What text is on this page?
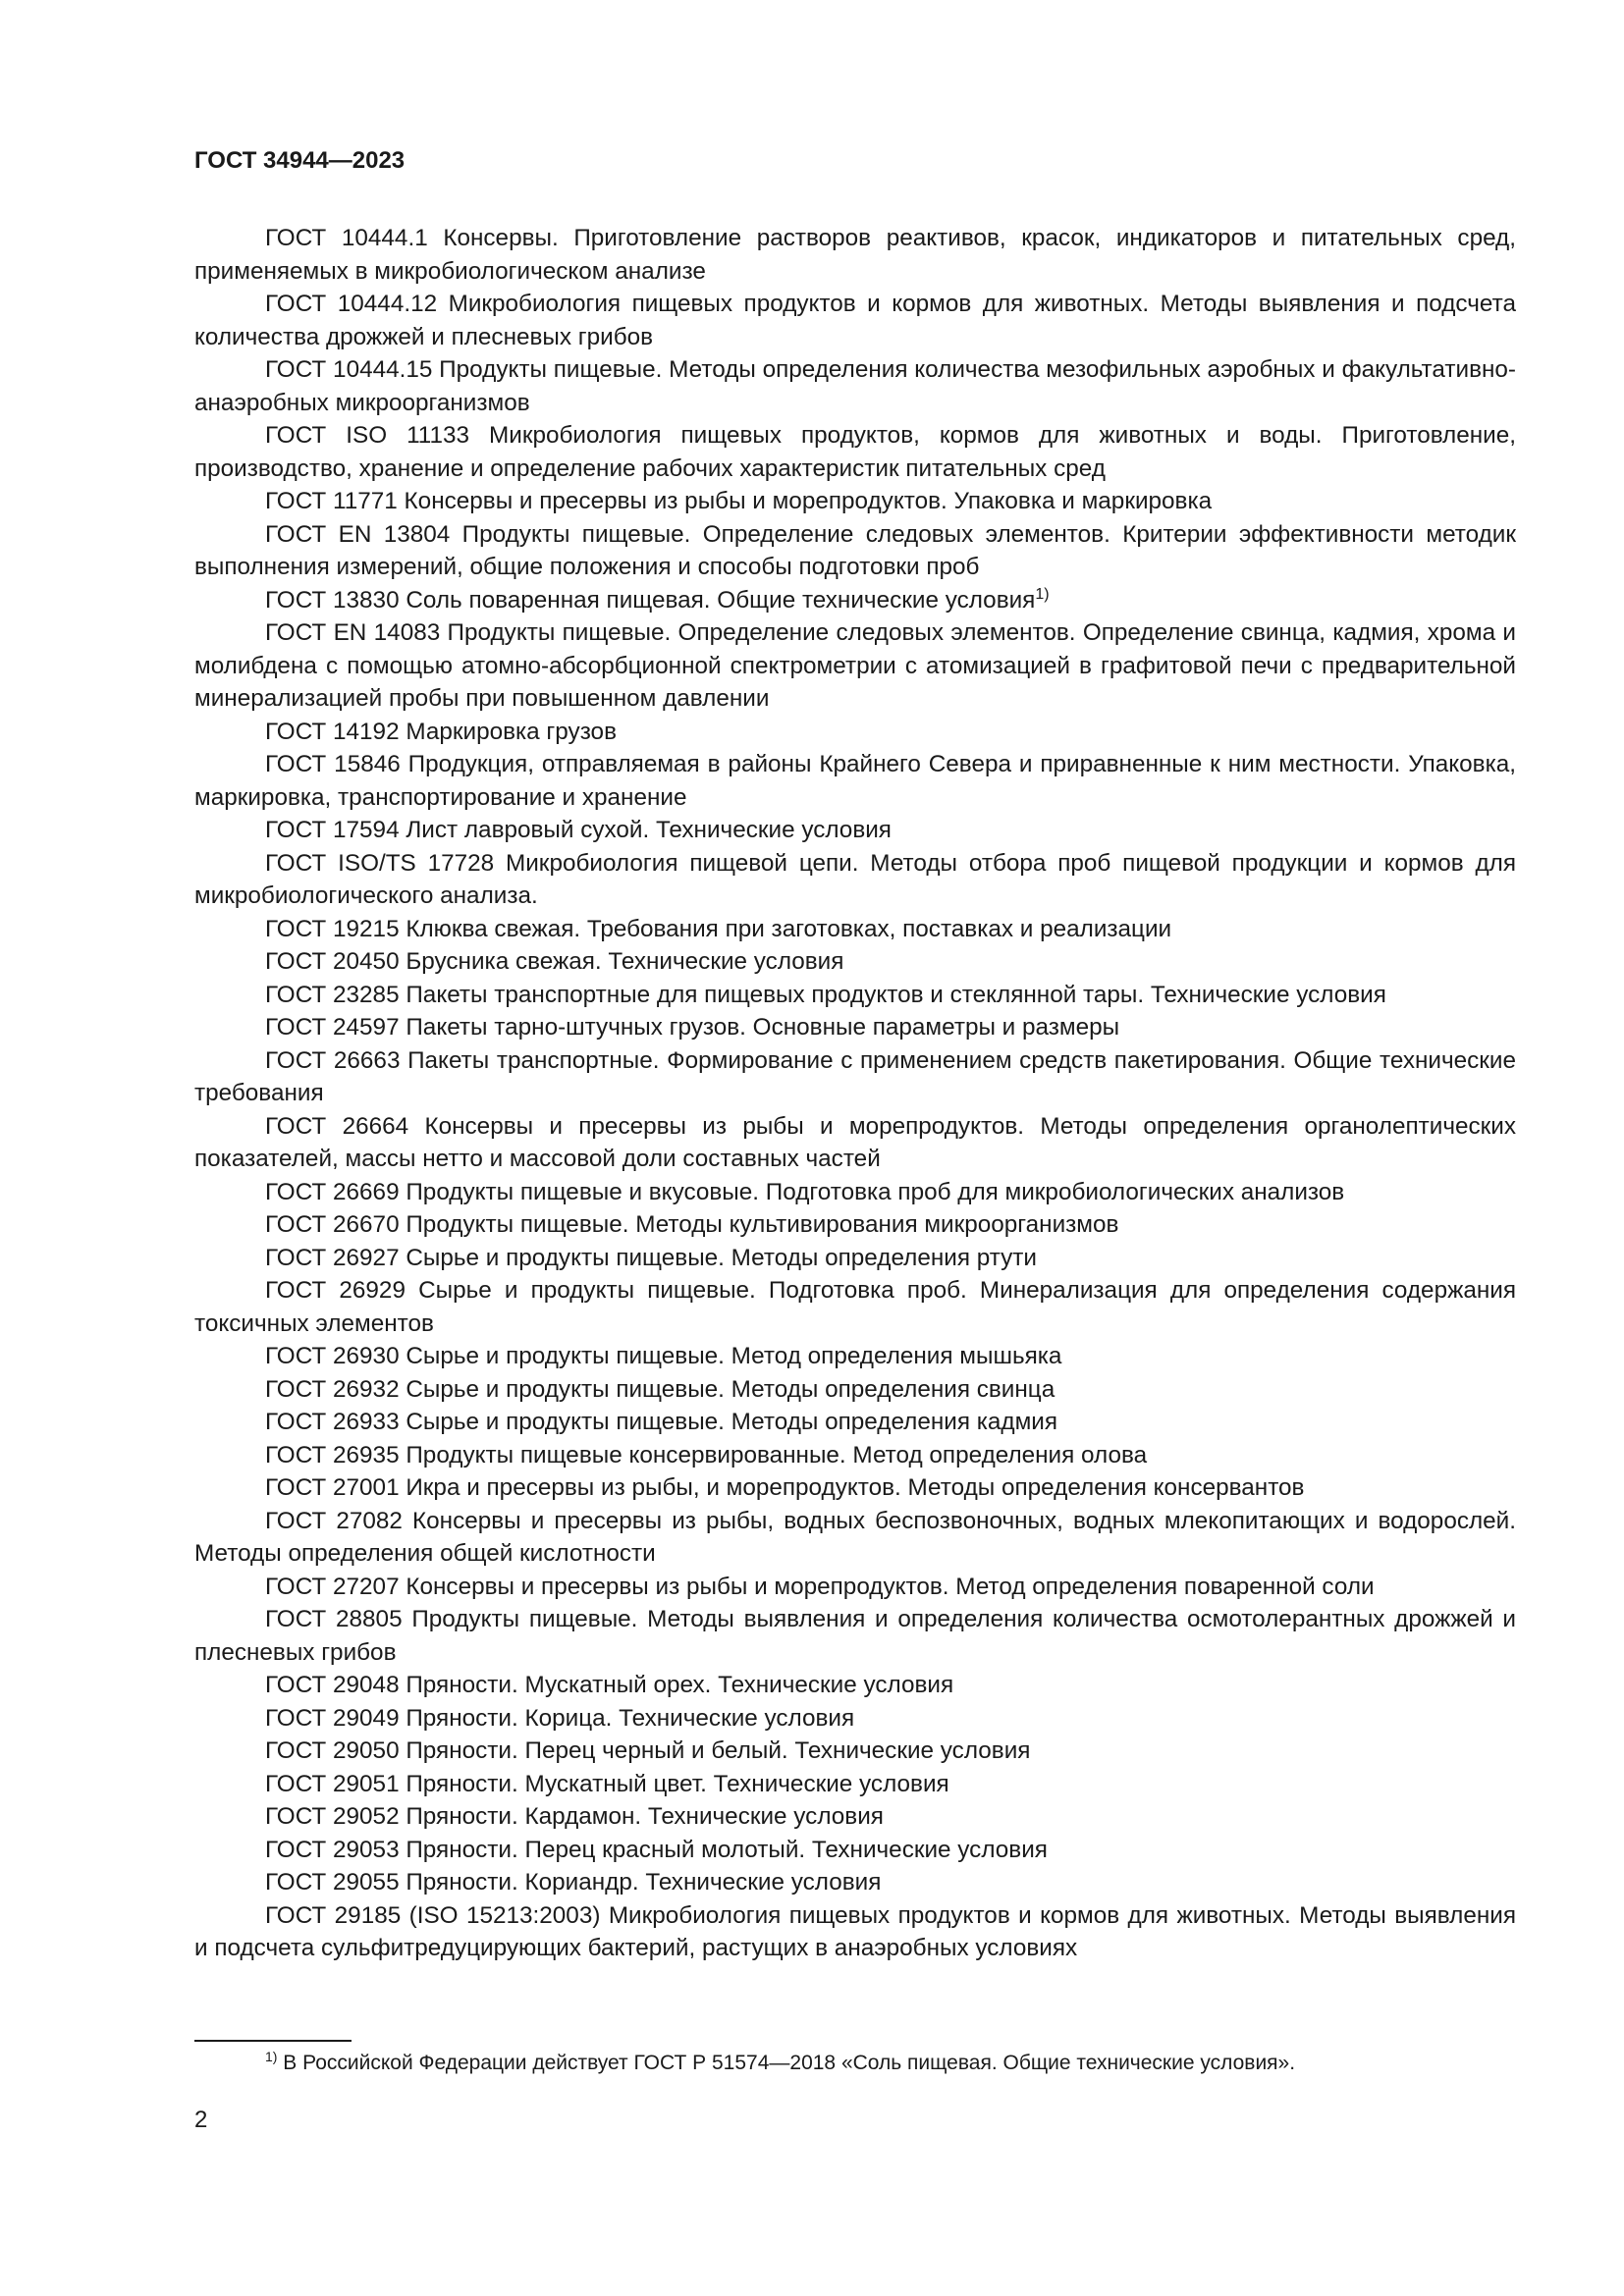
ГОСТ 34944—2023
ГОСТ 10444.1 Консервы. Приготовление растворов реактивов, красок, индикаторов и питательных сред, применяемых в микробиологическом анализе
ГОСТ 10444.12 Микробиология пищевых продуктов и кормов для животных. Методы выявления и подсчета количества дрожжей и плесневых грибов
ГОСТ 10444.15 Продукты пищевые. Методы определения количества мезофильных аэробных и факультативно-анаэробных микроорганизмов
ГОСТ ISO 11133 Микробиология пищевых продуктов, кормов для животных и воды. Приготовление, производство, хранение и определение рабочих характеристик питательных сред
ГОСТ 11771 Консервы и пресервы из рыбы и морепродуктов. Упаковка и маркировка
ГОСТ EN 13804 Продукты пищевые. Определение следовых элементов. Критерии эффективности методик выполнения измерений, общие положения и способы подготовки проб
ГОСТ 13830 Соль поваренная пищевая. Общие технические условия$^{1)}$
ГОСТ EN 14083 Продукты пищевые. Определение следовых элементов. Определение свинца, кадмия, хрома и молибдена с помощью атомно-абсорбционной спектрометрии с атомизацией в графитовой печи с предварительной минерализацией пробы при повышенном давлении
ГОСТ 14192 Маркировка грузов
ГОСТ 15846 Продукция, отправляемая в районы Крайнего Севера и приравненные к ним местности. Упаковка, маркировка, транспортирование и хранение
ГОСТ 17594 Лист лавровый сухой. Технические условия
ГОСТ ISO/TS 17728 Микробиология пищевой цепи. Методы отбора проб пищевой продукции и кормов для микробиологического анализа.
ГОСТ 19215 Клюква свежая. Требования при заготовках, поставках и реализации
ГОСТ 20450 Брусника свежая. Технические условия
ГОСТ 23285 Пакеты транспортные для пищевых продуктов и стеклянной тары. Технические условия
ГОСТ 24597 Пакеты тарно-штучных грузов. Основные параметры и размеры
ГОСТ 26663 Пакеты транспортные. Формирование с применением средств пакетирования. Общие технические требования
ГОСТ 26664 Консервы и пресервы из рыбы и морепродуктов. Методы определения органолептических показателей, массы нетто и массовой доли составных частей
ГОСТ 26669 Продукты пищевые и вкусовые. Подготовка проб для микробиологических анализов
ГОСТ 26670 Продукты пищевые. Методы культивирования микроорганизмов
ГОСТ 26927 Сырье и продукты пищевые. Методы определения ртути
ГОСТ 26929 Сырье и продукты пищевые. Подготовка проб. Минерализация для определения содержания токсичных элементов
ГОСТ 26930 Сырье и продукты пищевые. Метод определения мышьяка
ГОСТ 26932 Сырье и продукты пищевые. Методы определения свинца
ГОСТ 26933 Сырье и продукты пищевые. Методы определения кадмия
ГОСТ 26935 Продукты пищевые консервированные. Метод определения олова
ГОСТ 27001 Икра и пресервы из рыбы, и морепродуктов. Методы определения консервантов
ГОСТ 27082 Консервы и пресервы из рыбы, водных беспозвоночных, водных млекопитающих и водорослей. Методы определения общей кислотности
ГОСТ 27207 Консервы и пресервы из рыбы и морепродуктов. Метод определения поваренной соли
ГОСТ 28805 Продукты пищевые. Методы выявления и определения количества осмотолерантных дрожжей и плесневых грибов
ГОСТ 29048 Пряности. Мускатный орех. Технические условия
ГОСТ 29049 Пряности. Корица. Технические условия
ГОСТ 29050 Пряности. Перец черный и белый. Технические условия
ГОСТ 29051 Пряности. Мускатный цвет. Технические условия
ГОСТ 29052 Пряности. Кардамон. Технические условия
ГОСТ 29053 Пряности. Перец красный молотый. Технические условия
ГОСТ 29055 Пряности. Кориандр. Технические условия
ГОСТ 29185 (ISO 15213:2003) Микробиология пищевых продуктов и кормов для животных. Методы выявления и подсчета сульфитредуцирующих бактерий, растущих в анаэробных условиях

$^{1)}$ В Российской Федерации действует ГОСТ Р 51574—2018 «Соль пищевая. Общие технические условия».

2
